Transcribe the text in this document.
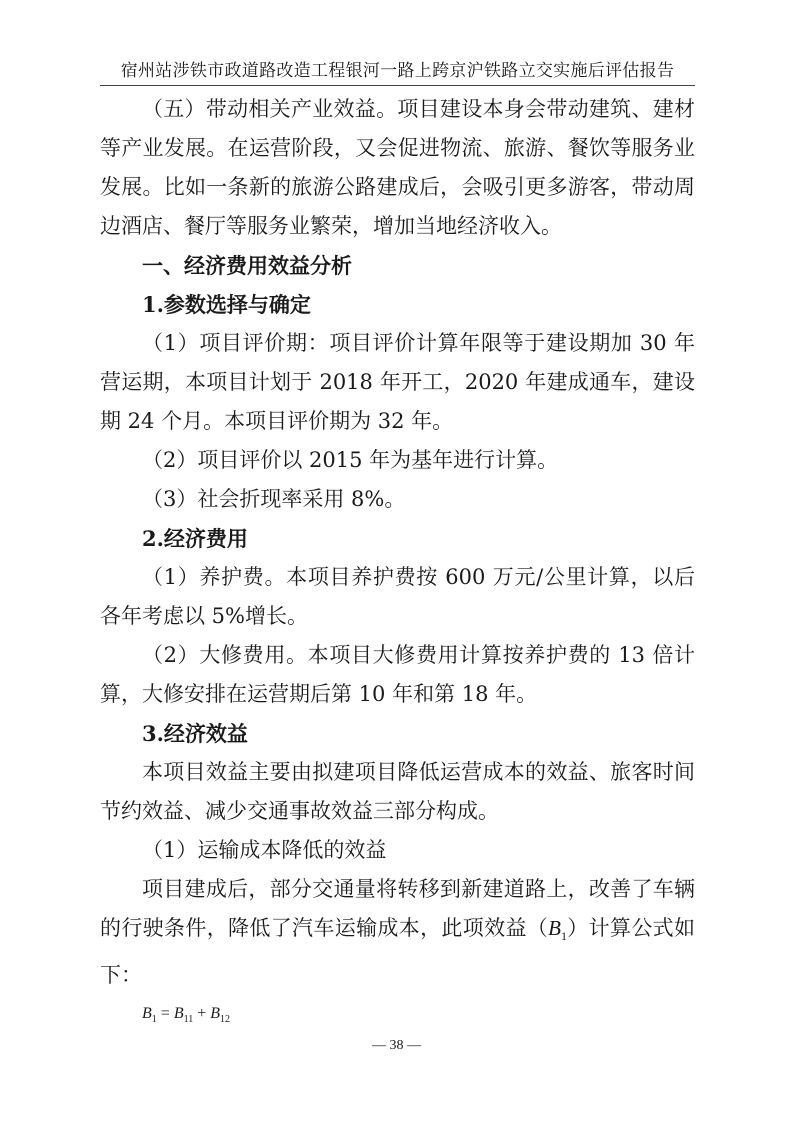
宿州站涉铁市政道路改造工程银河一路上跨京沪铁路立交实施后评估报告

（五）带动相关产业效益。项目建设本身会带动建筑、建材等产业发展。在运营阶段，又会促进物流、旅游、餐饮等服务业发展。比如一条新的旅游公路建成后，会吸引更多游客，带动周边酒店、餐厅等服务业繁荣，增加当地经济收入。

一、经济费用效益分析

1.参数选择与确定

（1）项目评价期：项目评价计算年限等于建设期加 30 年营运期，本项目计划于 2018 年开工，2020 年建成通车，建设期 24 个月。本项目评价期为 32 年。

（2）项目评价以 2015 年为基年进行计算。

（3）社会折现率采用 8%。

2.经济费用

（1）养护费。本项目养护费按 600 万元/公里计算，以后各年考虑以 5%增长。

（2）大修费用。本项目大修费用计算按养护费的 13 倍计算，大修安排在运营期后第 10 年和第 18 年。

3.经济效益

本项目效益主要由拟建项目降低运营成本的效益、旅客时间节约效益、减少交通事故效益三部分构成。

（1）运输成本降低的效益

项目建成后，部分交通量将转移到新建道路上，改善了车辆的行驶条件，降低了汽车运输成本，此项效益$(B_1)$计算公式如下：

$B_1 = B_{11} + B_{12}$
— 38 —
